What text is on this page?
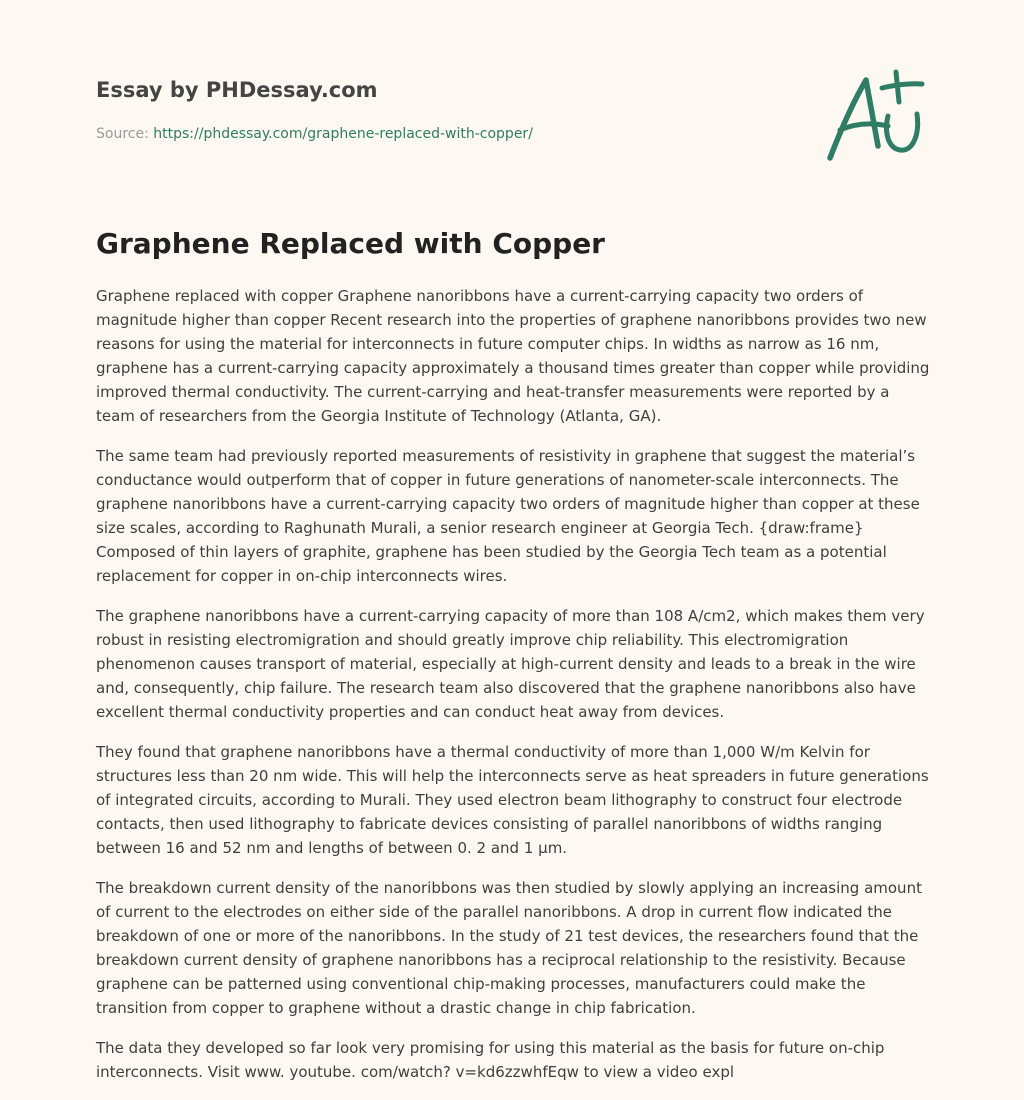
Essay by PHDessay.com
Source: https://phdessay.com/graphene-replaced-with-copper/
Graphene Replaced with Copper

Graphene replaced with copper Graphene nanoribbons have a current-carrying capacity two orders of magnitude higher than copper Recent research into the properties of graphene nanoribbons provides two new reasons for using the material for interconnects in future computer chips. In widths as narrow as 16 nm, graphene has a current-carrying capacity approximately a thousand times greater than copper while providing improved thermal conductivity. The current-carrying and heat-transfer measurements were reported by a team of researchers from the Georgia Institute of Technology (Atlanta, GA).

The same team had previously reported measurements of resistivity in graphene that suggest the material’s conductance would outperform that of copper in future generations of nanometer-scale interconnects. The graphene nanoribbons have a current-carrying capacity two orders of magnitude higher than copper at these size scales, according to Raghunath Murali, a senior research engineer at Georgia Tech. {draw:frame} Composed of thin layers of graphite, graphene has been studied by the Georgia Tech team as a potential replacement for copper in on-chip interconnects wires.

The graphene nanoribbons have a current-carrying capacity of more than 108 A/cm2, which makes them very robust in resisting electromigration and should greatly improve chip reliability. This electromigration phenomenon causes transport of material, especially at high-current density and leads to a break in the wire and, consequently, chip failure. The research team also discovered that the graphene nanoribbons also have excellent thermal conductivity properties and can conduct heat away from devices.

They found that graphene nanoribbons have a thermal conductivity of more than 1,000 W/m Kelvin for structures less than 20 nm wide. This will help the interconnects serve as heat spreaders in future generations of integrated circuits, according to Murali. They used electron beam lithography to construct four electrode contacts, then used lithography to fabricate devices consisting of parallel nanoribbons of widths ranging between 16 and 52 nm and lengths of between 0. 2 and 1 µm.

The breakdown current density of the nanoribbons was then studied by slowly applying an increasing amount of current to the electrodes on either side of the parallel nanoribbons. A drop in current flow indicated the breakdown of one or more of the nanoribbons. In the study of 21 test devices, the researchers found that the breakdown current density of graphene nanoribbons has a reciprocal relationship to the resistivity. Because graphene can be patterned using conventional chip-making processes, manufacturers could make the transition from copper to graphene without a drastic change in chip fabrication.

The data they developed so far look very promising for using this material as the basis for future on-chip interconnects. Visit www. youtube. com/watch? v=kd6zzwhfEqw to view a video expl
